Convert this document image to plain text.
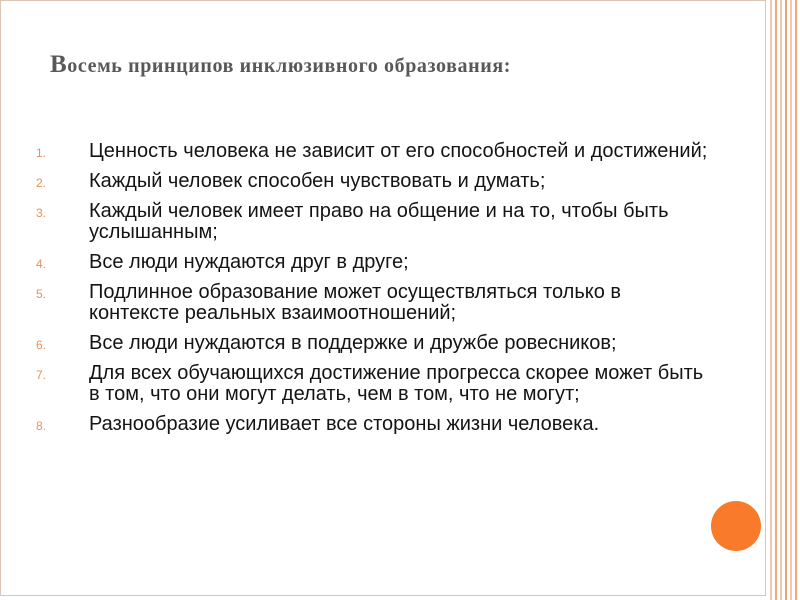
Восемь принципов инклюзивного образования:
1. Ценность человека не зависит от его способностей и достижений;
2. Каждый человек способен чувствовать и думать;
3. Каждый человек имеет право на общение и на то, чтобы быть услышанным;
4. Все люди нуждаются друг в друге;
5. Подлинное образование может осуществляться только в контексте реальных взаимоотношений;
6. Все люди нуждаются в поддержке и дружбе ровесников;
7. Для всех обучающихся достижение прогресса скорее может быть в том, что они могут делать, чем в том, что не могут;
8. Разнообразие усиливает все стороны жизни человека.
